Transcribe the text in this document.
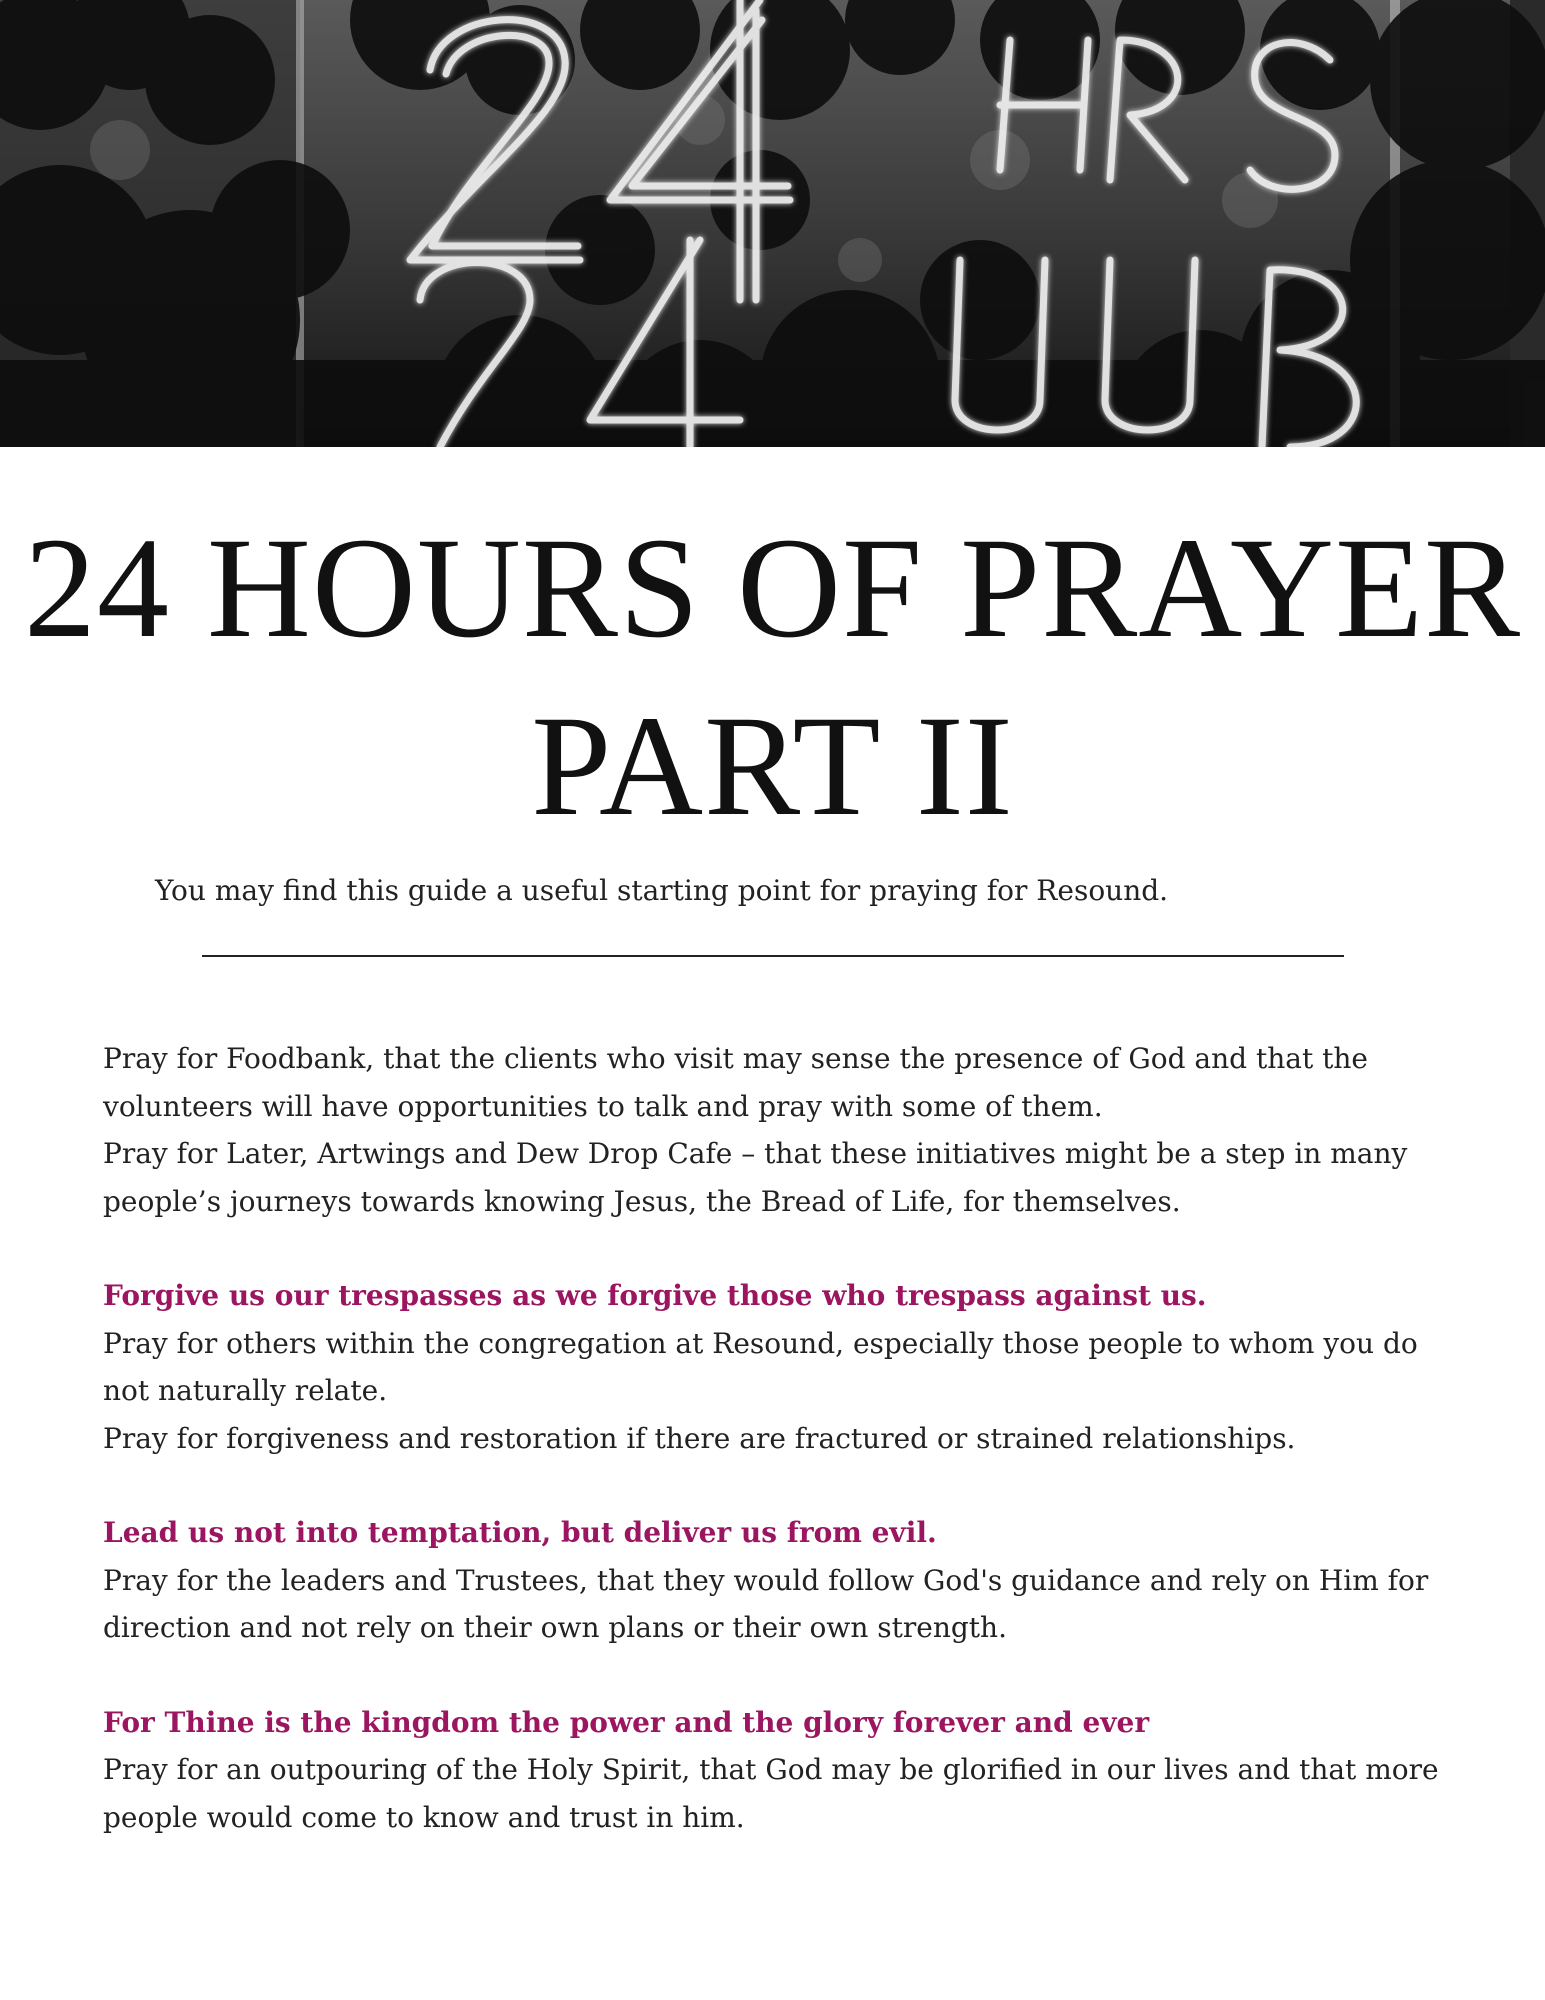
24 HOURS OF PRAYER
PART II

You may find this guide a useful starting point for praying for Resound.

Pray for Foodbank, that the clients who visit may sense the presence of God and that the volunteers will have opportunities to talk and pray with some of them.

Pray for Later, Artwings and Dew Drop Cafe – that these initiatives might be a step in many people’s journeys towards knowing Jesus, the Bread of Life, for themselves.

Forgive us our trespasses as we forgive those who trespass against us.

Pray for others within the congregation at Resound, especially those people to whom you do not naturally relate.

Pray for forgiveness and restoration if there are fractured or strained relationships.

Lead us not into temptation, but deliver us from evil.

Pray for the leaders and Trustees, that they would follow God's guidance and rely on Him for direction and not rely on their own plans or their own strength.

For Thine is the kingdom the power and the glory forever and ever

Pray for an outpouring of the Holy Spirit, that God may be glorified in our lives and that more people would come to know and trust in him.
